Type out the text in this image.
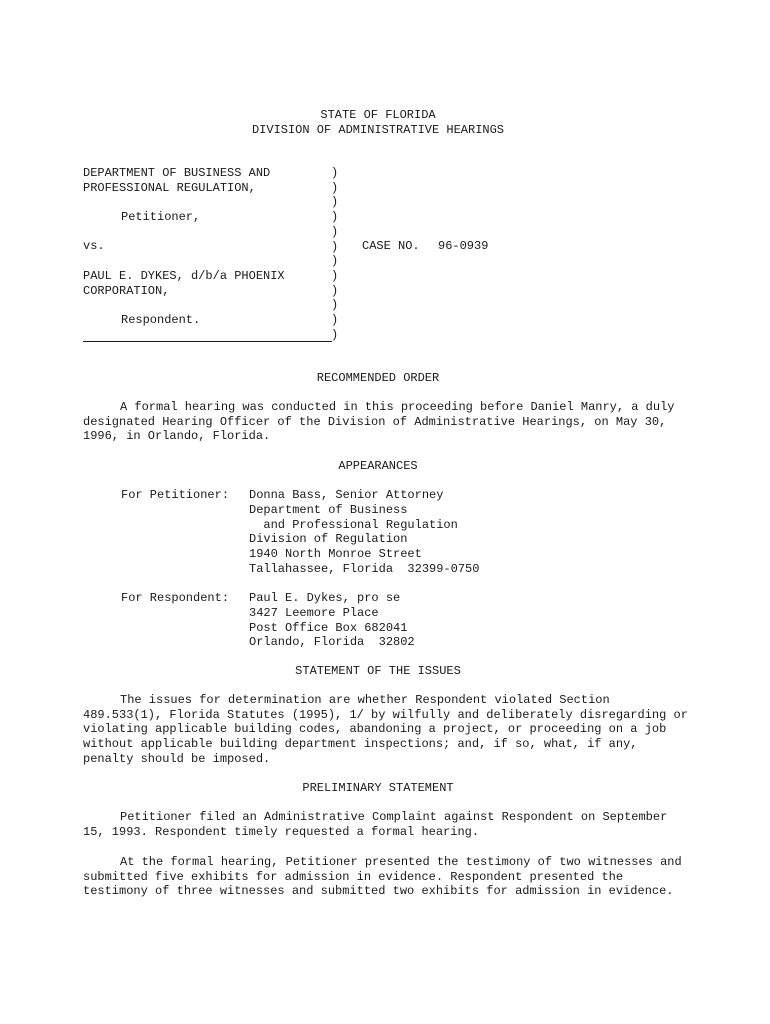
STATE OF FLORIDA
DIVISION OF ADMINISTRATIVE HEARINGS
DEPARTMENT OF BUSINESS AND
PROFESSIONAL REGULATION,
Petitioner,
vs.	CASE NO. 96-0939
PAUL E. DYKES, d/b/a PHOENIX
CORPORATION,
Respondent.
)
)
)
)
)
)
)
)
)
)
)
)
RECOMMENDED ORDER
A formal hearing was conducted in this proceeding before Daniel Manry, a duly designated Hearing Officer of the Division of Administrative Hearings, on May 30, 1996, in Orlando, Florida.
APPEARANCES
For Petitioner: Donna Bass, Senior Attorney
Department of Business
and Professional Regulation
Division of Regulation
1940 North Monroe Street
Tallahassee, Florida  32399-0750
For Respondent: Paul E. Dykes, pro se
3427 Leemore Place
Post Office Box 682041
Orlando, Florida  32802
STATEMENT OF THE ISSUES
The issues for determination are whether Respondent violated Section 489.533(1), Florida Statutes (1995), 1/ by wilfully and deliberately disregarding or violating applicable building codes, abandoning a project, or proceeding on a job without applicable building department inspections; and, if so, what, if any, penalty should be imposed.
PRELIMINARY STATEMENT
Petitioner filed an Administrative Complaint against Respondent on September 15, 1993. Respondent timely requested a formal hearing.
At the formal hearing, Petitioner presented the testimony of two witnesses and submitted five exhibits for admission in evidence. Respondent presented the testimony of three witnesses and submitted two exhibits for admission in evidence.
